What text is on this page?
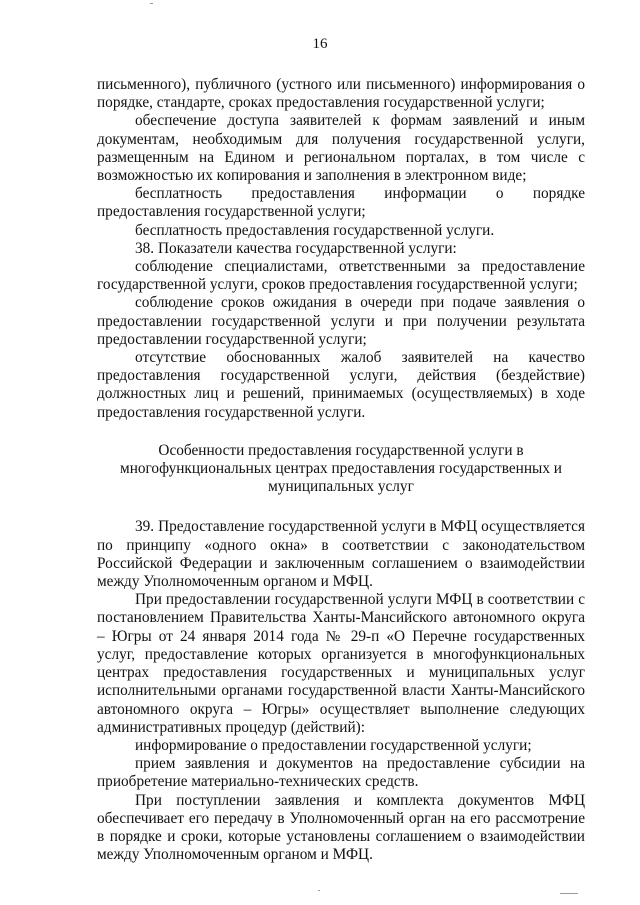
16

письменного), публичного (устного или письменного) информирования о порядке, стандарте, сроках предоставления государственной услуги;

обеспечение доступа заявителей к формам заявлений и иным документам, необходимым для получения государственной услуги, размещенным на Едином и региональном порталах, в том числе с возможностью их копирования и заполнения в электронном виде;

бесплатность предоставления информации о порядке предоставления государственной услуги;

бесплатность предоставления государственной услуги.

38. Показатели качества государственной услуги:

соблюдение специалистами, ответственными за предоставление государственной услуги, сроков предоставления государственной услуги;

соблюдение сроков ожидания в очереди при подаче заявления о предоставлении государственной услуги и при получении результата предоставлении государственной услуги;

отсутствие обоснованных жалоб заявителей на качество предоставления государственной услуги, действия (бездействие) должностных лиц и решений, принимаемых (осуществляемых) в ходе предоставления государственной услуги.

Особенности предоставления государственной услуги в
многофункциональных центрах предоставления государственных и
муниципальных услуг

39. Предоставление государственной услуги в МФЦ осуществляется по принципу «одного окна» в соответствии с законодательством Российской Федерации и заключенным соглашением о взаимодействии между Уполномоченным органом и МФЦ.

При предоставлении государственной услуги МФЦ в соответствии с постановлением Правительства Ханты-Мансийского автономного округа – Югры от 24 января 2014 года № 29-п «О Перечне государственных услуг, предоставление которых организуется в многофункциональных центрах предоставления государственных и муниципальных услуг исполнительными органами государственной власти Ханты-Мансийского автономного округа – Югры» осуществляет выполнение следующих административных процедур (действий):

информирование о предоставлении государственной услуги;

прием заявления и документов на предоставление субсидии на приобретение материально-технических средств.

При поступлении заявления и комплекта документов МФЦ обеспечивает его передачу в Уполномоченный орган на его рассмотрение в порядке и сроки, которые установлены соглашением о взаимодействии между Уполномоченным органом и МФЦ.
